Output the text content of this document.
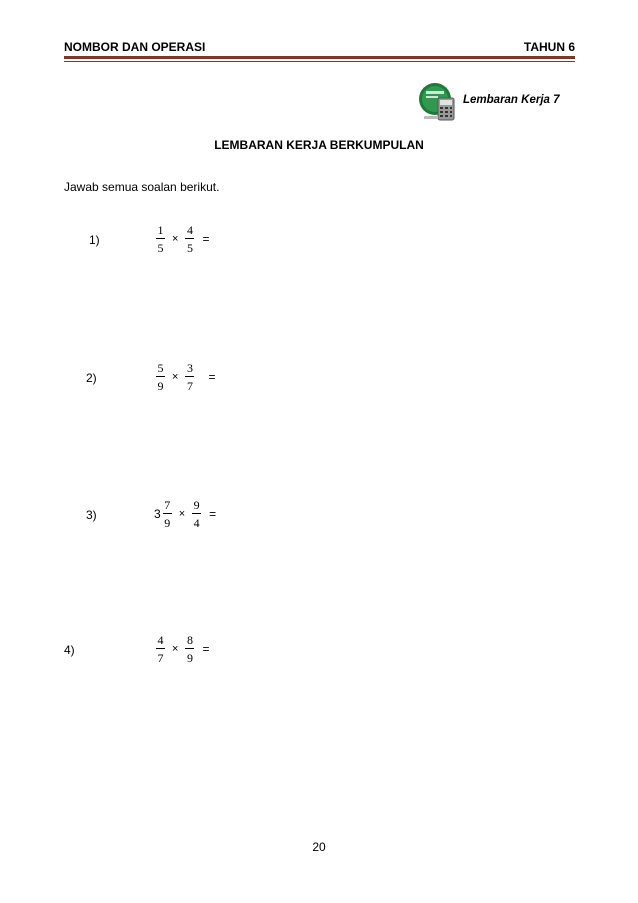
NOMBOR DAN OPERASI	TAHUN 6
Lembaran Kerja 7
LEMBARAN KERJA BERKUMPULAN
Jawab semua soalan berikut.
1)	$\frac{1}{5} \times \frac{4}{5}$ =
2)	$\frac{5}{9} \times \frac{3}{7}$ =
3)	$3 \frac{7}{9} \times \frac{9}{4}$ =
4)	$\frac{4}{7} \times \frac{8}{9}$ =
20
